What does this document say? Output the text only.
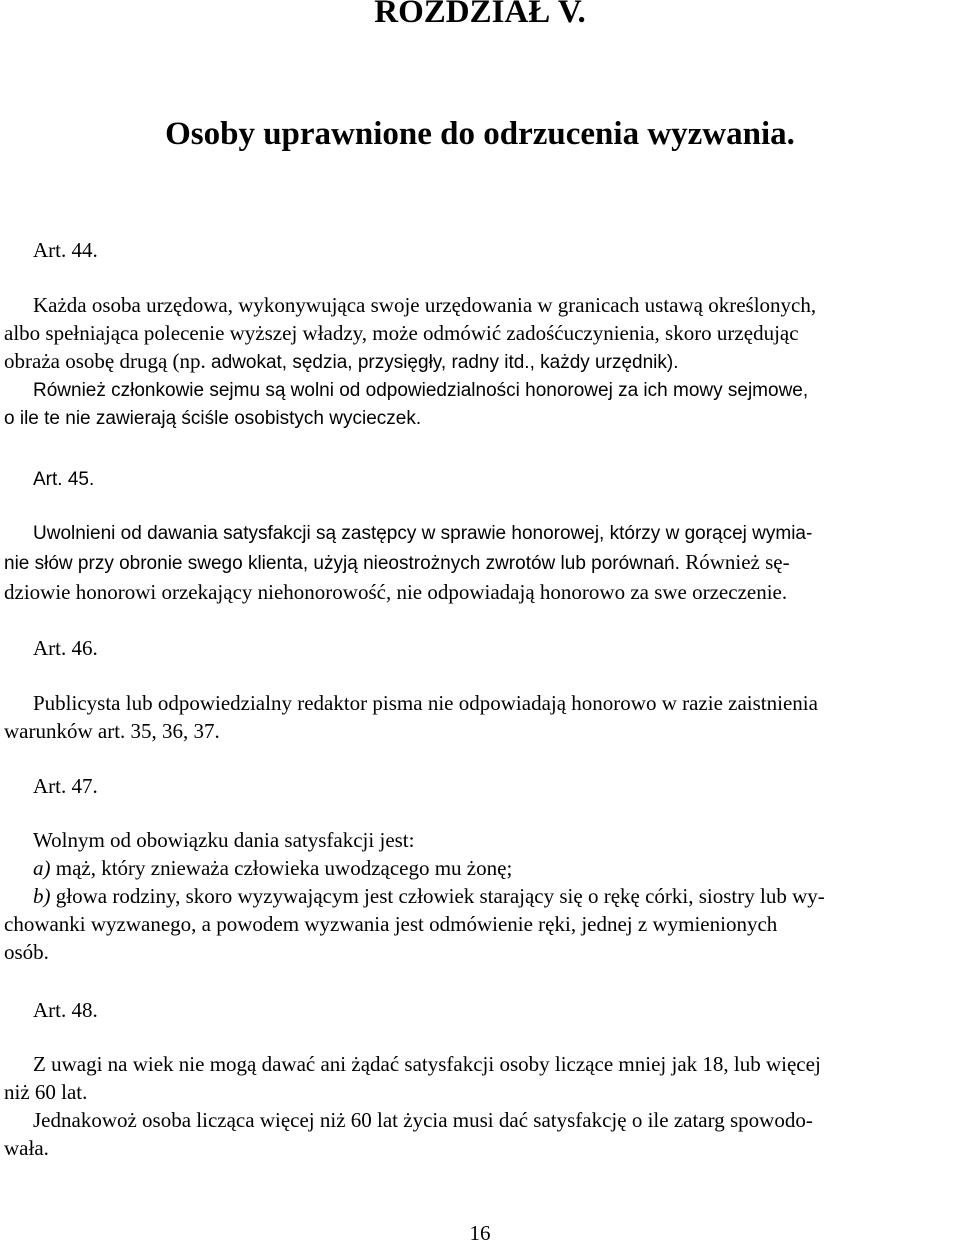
ROZDZIAŁ V.
Osoby uprawnione do odrzucenia wyzwania.

Art. 44.

Każda osoba urzędowa, wykonywująca swoje urzędowania w granicach ustawą określonych,
albo spełniająca polecenie wyższej władzy, może odmówić zadośćuczynienia, skoro urzędując
obraża osobę drugą (np. adwokat, sędzia, przysięgły, radny itd., każdy urzędnik).
Również członkowie sejmu są wolni od odpowiedzialności honorowej za ich mowy sejmowe,
o ile te nie zawierają ściśle osobistych wycieczek.

Art. 45.

Uwolnieni od dawania satysfakcji są zastępcy w sprawie honorowej, którzy w gorącej wymia-
nie słów przy obronie swego klienta, użyją nieostrożnych zwrotów lub porównań. Również sę-
dziowie honorowi orzekający niehonorowość, nie odpowiadają honorowo za swe orzeczenie.

Art. 46.

Publicysta lub odpowiedzialny redaktor pisma nie odpowiadają honorowo w razie zaistnienia
warunków art. 35, 36, 37.

Art. 47.

Wolnym od obowiązku dania satysfakcji jest:
a) mąż, który znieważa człowieka uwodzącego mu żonę;
b) głowa rodziny, skoro wyzywającym jest człowiek starający się o rękę córki, siostry lub wy-
chowanki wyzwanego, a powodem wyzwania jest odmówienie ręki, jednej z wymienionych
osób.

Art. 48.

Z uwagi na wiek nie mogą dawać ani żądać satysfakcji osoby liczące mniej jak 18, lub więcej
niż 60 lat.
Jednakowoż osoba licząca więcej niż 60 lat życia musi dać satysfakcję o ile zatarg spowodo-
wała.

16
